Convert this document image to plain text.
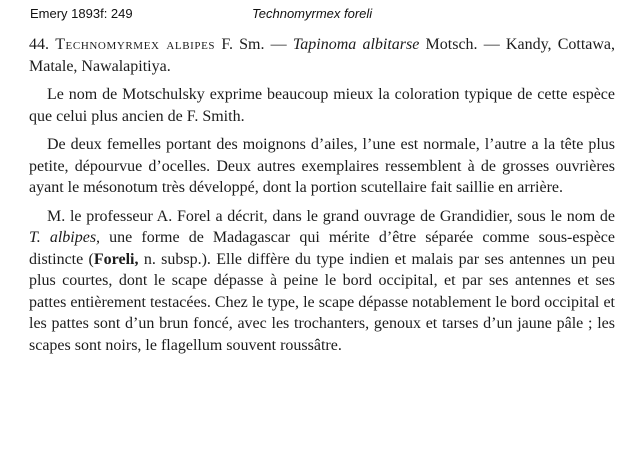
Emery 1893f: 249	Technomyrmex foreli

44. Technomyrmex albipes F. Sm. — Tapinoma albitarse Motsch. — Kandy, Cottawa, Matale, Nawalapitiya.

Le nom de Motschulsky exprime beaucoup mieux la coloration typique de cette espèce que celui plus ancien de F. Smith.

De deux femelles portant des moignons d’ailes, l’une est normale, l’autre a la tête plus petite, dépourvue d’ocelles. Deux autres exemplaires ressemblent à de grosses ouvrières ayant le mésonotum très développé, dont la portion scutellaire fait saillie en arrière.

M. le professeur A. Forel a décrit, dans le grand ouvrage de Grandidier, sous le nom de T. albipes, une forme de Madagascar qui mérite d’être séparée comme sous-espèce distincte (Foreli, n. subsp.). Elle diffère du type indien et malais par ses antennes un peu plus courtes, dont le scape dépasse à peine le bord occipital, et par ses antennes et ses pattes entièrement testacées. Chez le type, le scape dépasse notablement le bord occipital et les pattes sont d’un brun foncé, avec les trochanters, genoux et tarses d’un jaune pâle ; les scapes sont noirs, le flagellum souvent roussâtre.
